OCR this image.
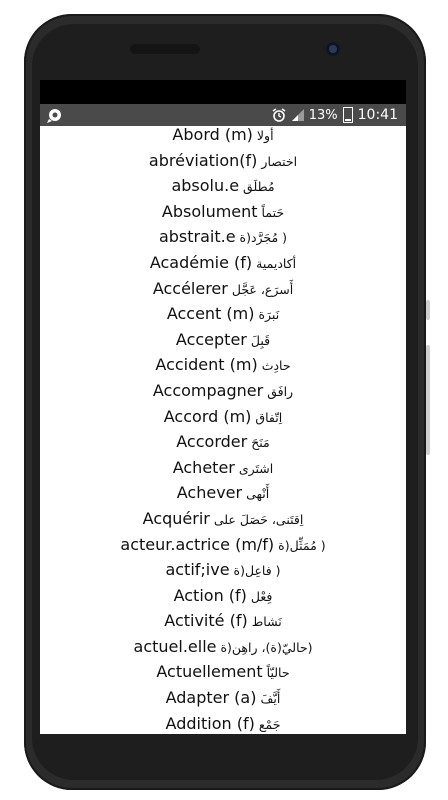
13% 10:41
Abord (m) أولا
abréviation(f) اختصار
absolu.e مُطلَق
Absolument حَتماً
abstrait.e ( مُجَرَّد(ة
Académie (f) أكاديمية
Accélerer أَسرَع، عَجَّل
Accent (m) نَبرَة
Accepter قَبِلَ
Accident (m) حادِث
Accompagner رافَق
Accord (m) اِتّفاق
Accorder مَنَحَ
Acheter اشتَرى
Achever أَنْهى
Acquérir اِقتَنى، حَصَلَ على
acteur.actrice (m/f) ( مُمَثِّل(ة
actif;ive ( فاعِل(ة
Action (f) فِعْل
Activité (f) نَشاط
actuel.elle (حاليّ(ة)، راهِن(ة
Actuellement حاليّاً
Adapter (a) أَيَّفَ
Addition (f) جَمْع
